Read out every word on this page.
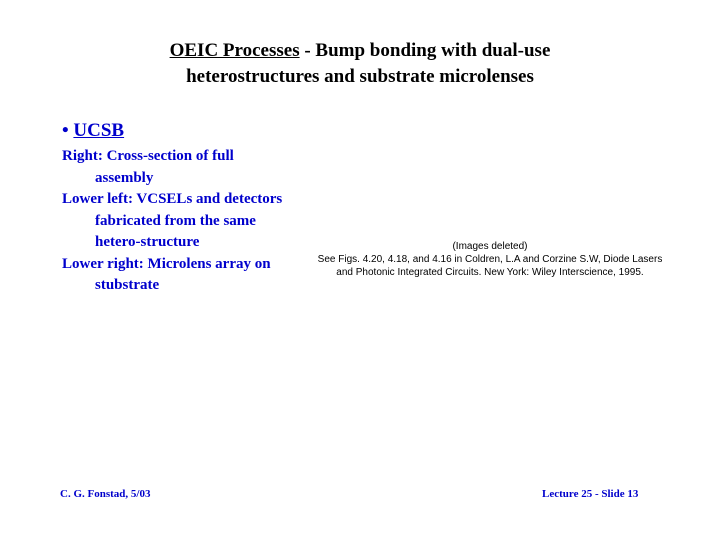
OEIC Processes - Bump bonding with dual-use
heterostructures and substrate microlenses
• UCSB
Right: Cross-section of full assembly
Lower left: VCSELs and detectors fabricated from the same hetero-structure
Lower right: Microlens array on stubstrate
(Images deleted)
See Figs. 4.20, 4.18, and 4.16 in Coldren, L.A and Corzine S.W, Diode Lasers
and Photonic Integrated Circuits. New York: Wiley Interscience, 1995.
C. G. Fonstad, 5/03	Lecture 25 - Slide 13
